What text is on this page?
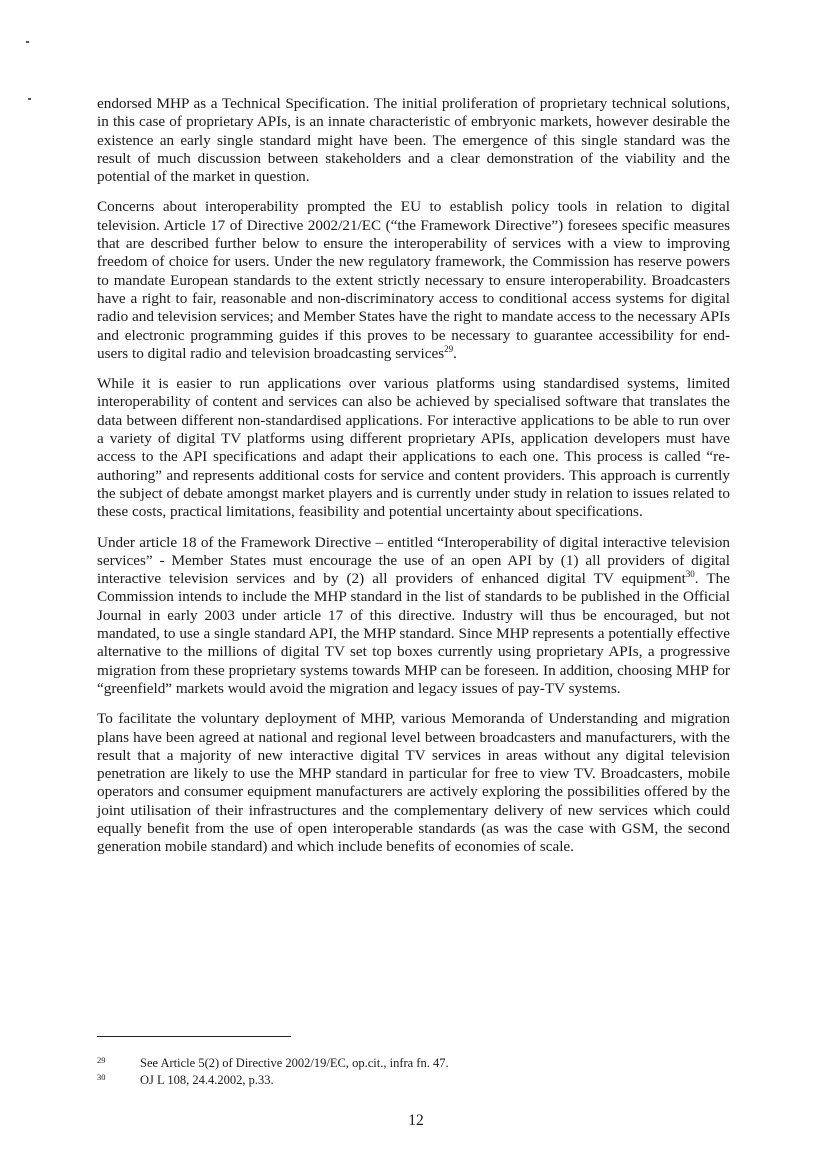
endorsed MHP as a Technical Specification. The initial proliferation of proprietary technical solutions, in this case of proprietary APIs, is an innate characteristic of embryonic markets, however desirable the existence an early single standard might have been. The emergence of this single standard was the result of much discussion between stakeholders and a clear demonstration of the viability and the potential of the market in question.

Concerns about interoperability prompted the EU to establish policy tools in relation to digital television. Article 17 of Directive 2002/21/EC (“the Framework Directive”) foresees specific measures that are described further below to ensure the interoperability of services with a view to improving freedom of choice for users. Under the new regulatory framework, the Commission has reserve powers to mandate European standards to the extent strictly necessary to ensure interoperability. Broadcasters have a right to fair, reasonable and non-discriminatory access to conditional access systems for digital radio and television services; and Member States have the right to mandate access to the necessary APIs and electronic programming guides if this proves to be necessary to guarantee accessibility for end-users to digital radio and television broadcasting services$^{29}$.

While it is easier to run applications over various platforms using standardised systems, limited interoperability of content and services can also be achieved by specialised software that translates the data between different non-standardised applications. For interactive applications to be able to run over a variety of digital TV platforms using different proprietary APIs, application developers must have access to the API specifications and adapt their applications to each one. This process is called “re-authoring” and represents additional costs for service and content providers. This approach is currently the subject of debate amongst market players and is currently under study in relation to issues related to these costs, practical limitations, feasibility and potential uncertainty about specifications.

Under article 18 of the Framework Directive – entitled “Interoperability of digital interactive television services” - Member States must encourage the use of an open API by (1) all providers of digital interactive television services and by (2) all providers of enhanced digital TV equipment$^{30}$. The Commission intends to include the MHP standard in the list of standards to be published in the Official Journal in early 2003 under article 17 of this directive. Industry will thus be encouraged, but not mandated, to use a single standard API, the MHP standard. Since MHP represents a potentially effective alternative to the millions of digital TV set top boxes currently using proprietary APIs, a progressive migration from these proprietary systems towards MHP can be foreseen. In addition, choosing MHP for “greenfield” markets would avoid the migration and legacy issues of pay-TV systems.

To facilitate the voluntary deployment of MHP, various Memoranda of Understanding and migration plans have been agreed at national and regional level between broadcasters and manufacturers, with the result that a majority of new interactive digital TV services in areas without any digital television penetration are likely to use the MHP standard in particular for free to view TV. Broadcasters, mobile operators and consumer equipment manufacturers are actively exploring the possibilities offered by the joint utilisation of their infrastructures and the complementary delivery of new services which could equally benefit from the use of open interoperable standards (as was the case with GSM, the second generation mobile standard) and which include benefits of economies of scale.

29	See Article 5(2) of Directive 2002/19/EC, op.cit., infra fn. 47.
30	OJ L 108, 24.4.2002, p.33.
12
